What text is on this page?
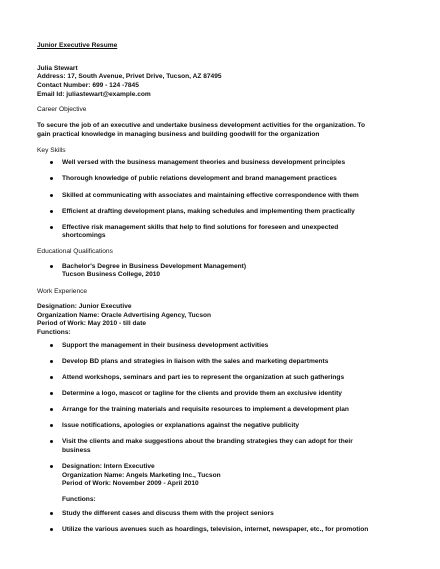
Junior Executive Resume
Julia Stewart
Address: 17, South Avenue, Privet Drive, Tucson, AZ 87495
Contact Number: 699 - 124 -7845
Email Id: juliastewart@example.com
Career Objective
To secure the job of an executive and undertake business development activities for the organization. To
gain practical knowledge in managing business and building goodwill for the organization
Key Skills
Well versed with the business management theories and business development principles
Thorough knowledge of public relations development and brand management practices
Skilled at communicating with associates and maintaining effective correspondence with them
Efficient at drafting development plans, making schedules and implementing them practically
Effective risk management skills that help to find solutions for foreseen and unexpected
shortcomings
Educational Qualifications
Bachelor's Degree in Business Development Management)
Tucson Business College, 2010
Work Experience
Designation: Junior Executive
Organization Name: Oracle Advertising Agency, Tucson
Period of Work: May 2010 - till date
Functions:
Support the management in their business development activities
Develop BD plans and strategies in liaison with the sales and marketing departments
Attend workshops, seminars and part ies to represent the organization at such gatherings
Determine a logo, mascot or tagline for the clients and provide them an exclusive identity
Arrange for the training materials and requisite resources to implement a development plan
Issue notifications, apologies or explanations against the negative publicity
Visit the clients and make suggestions about the branding strategies they can adopt for their
business
Designation: Intern Executive
Organization Name: Angels Marketing Inc., Tucson
Period of Work: November 2009 - April 2010
Functions:
Study the different cases and discuss them with the project seniors
Utilize the various avenues such as hoardings, television, internet, newspaper, etc., for promotion
